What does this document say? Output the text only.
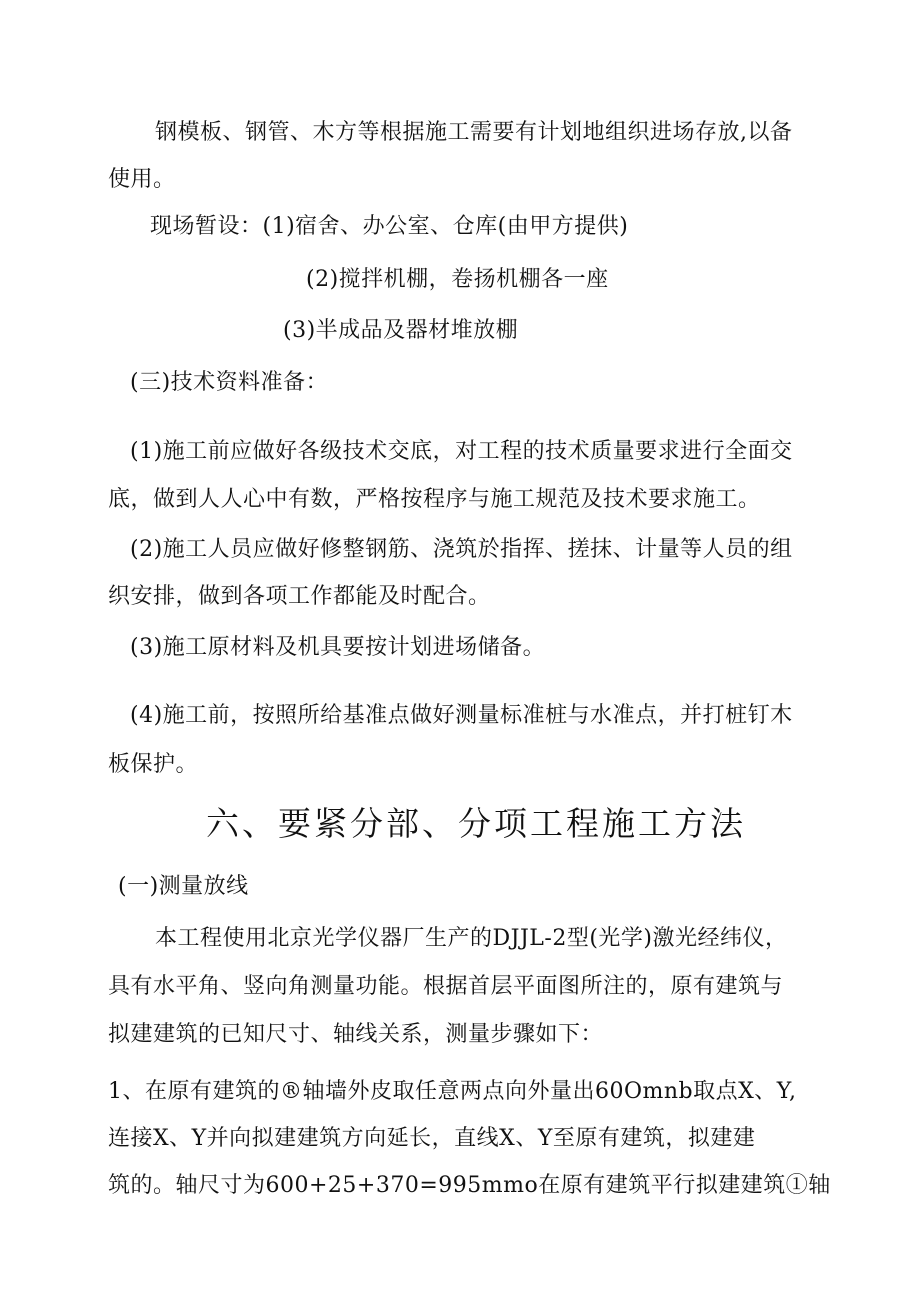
钢模板、钢管、木方等根据施工需要有计划地组织进场存放,以备
使用。
现场暂设：(1)宿舍、办公室、仓库(由甲方提供)
(2)搅拌机棚，卷扬机棚各一座
(3)半成品及器材堆放棚
(三)技术资料准备：
(1)施工前应做好各级技术交底，对工程的技术质量要求进行全面交
底，做到人人心中有数，严格按程序与施工规范及技术要求施工。
(2)施工人员应做好修整钢筋、浇筑於指挥、搓抹、计量等人员的组
织安排，做到各项工作都能及时配合。
(3)施工原材料及机具要按计划进场储备。
(4)施工前，按照所给基准点做好测量标准桩与水准点，并打桩钉木
板保护。
六、要紧分部、分项工程施工方法
(一)测量放线
本工程使用北京光学仪器厂生产的DJJL-2型(光学)激光经纬仪，
具有水平角、竖向角测量功能。根据首层平面图所注的，原有建筑与
拟建建筑的已知尺寸、轴线关系，测量步骤如下：
1、在原有建筑的®轴墙外皮取任意两点向外量出60Omnb取点X、Y,
连接X、Y并向拟建建筑方向延长，直线X、Y至原有建筑，拟建建
筑的。轴尺寸为600+25+370=995mmo在原有建筑平行拟建建筑①轴
